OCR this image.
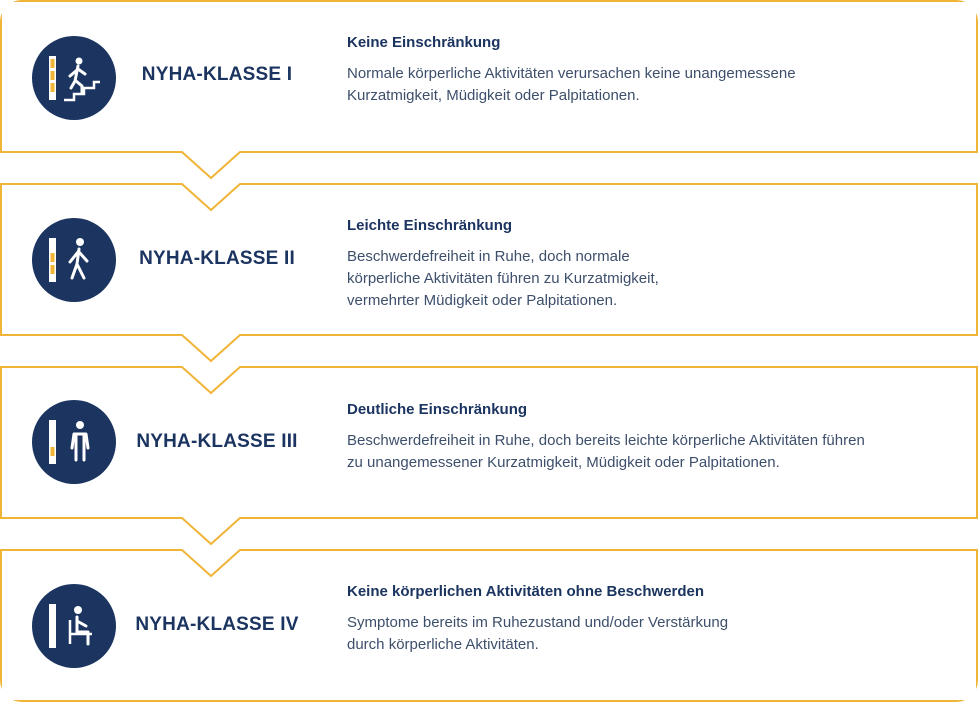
NYHA-KLASSE I

Keine Einschränkung

Normale körperliche Aktivitäten verursachen keine unangemessene
Kurzatmigkeit, Müdigkeit oder Palpitationen.

NYHA-KLASSE II

Leichte Einschränkung

Beschwerdefreiheit in Ruhe, doch normale
körperliche Aktivitäten führen zu Kurzatmigkeit,
vermehrter Müdigkeit oder Palpitationen.

NYHA-KLASSE III

Deutliche Einschränkung

Beschwerdefreiheit in Ruhe, doch bereits leichte körperliche Aktivitäten führen
zu unangemessener Kurzatmigkeit, Müdigkeit oder Palpitationen.

NYHA-KLASSE IV

Keine körperlichen Aktivitäten ohne Beschwerden

Symptome bereits im Ruhezustand und/oder Verstärkung
durch körperliche Aktivitäten.
